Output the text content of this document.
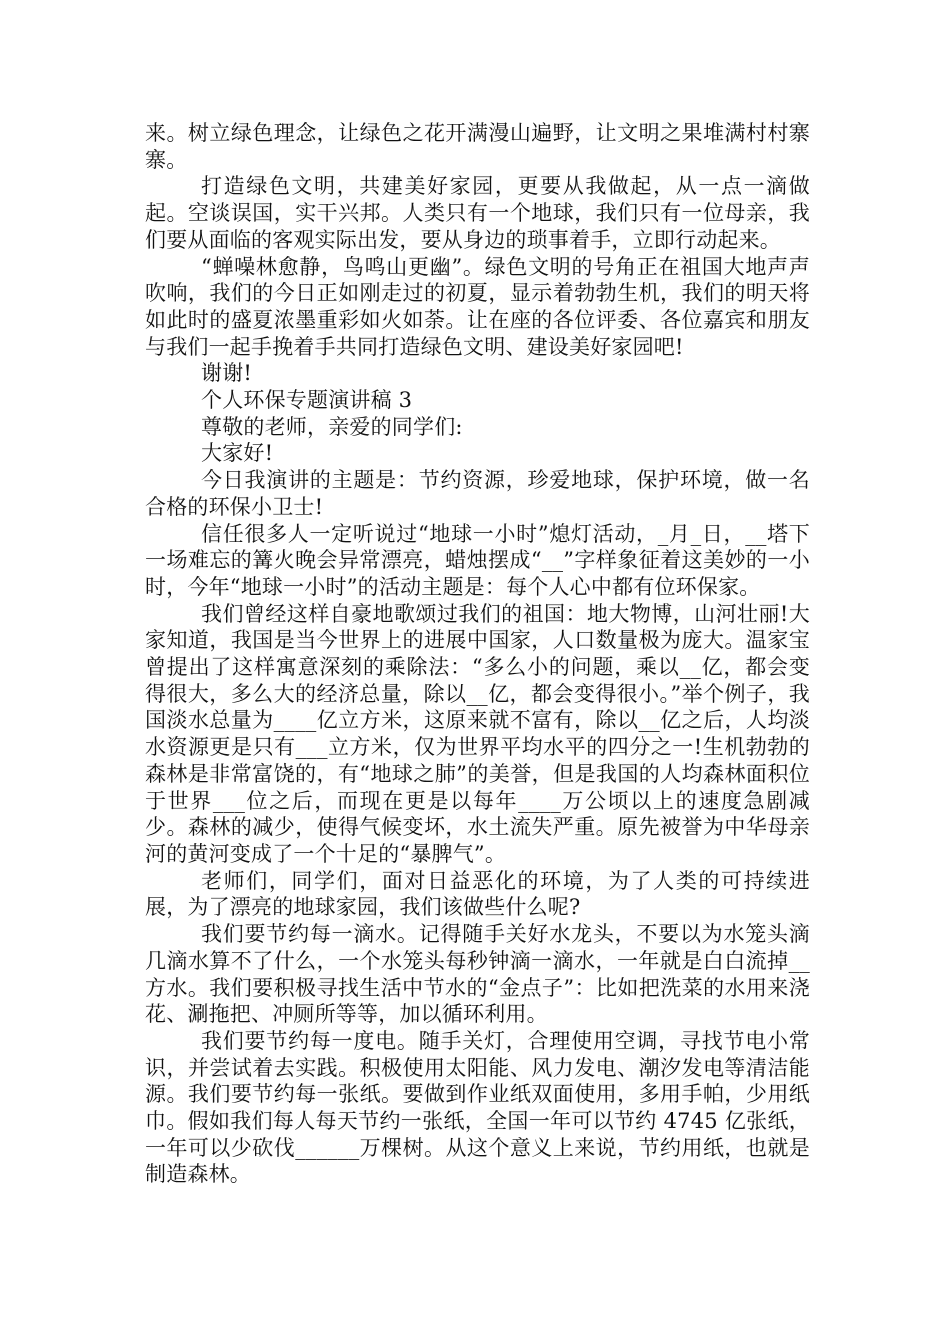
来。树立绿色理念，让绿色之花开满漫山遍野，让文明之果堆满村村寨寨。

打造绿色文明，共建美好家园，更要从我做起，从一点一滴做起。空谈误国，实干兴邦。人类只有一个地球，我们只有一位母亲，我们要从面临的客观实际出发，要从身边的琐事着手，立即行动起来。

“蝉噪林愈静，鸟鸣山更幽”。绿色文明的号角正在祖国大地声声吹响，我们的今日正如刚走过的初夏，显示着勃勃生机，我们的明天将如此时的盛夏浓墨重彩如火如荼。让在座的各位评委、各位嘉宾和朋友与我们一起手挽着手共同打造绿色文明、建设美好家园吧!

谢谢!

个人环保专题演讲稿 3

尊敬的老师，亲爱的同学们:

大家好!

今日我演讲的主题是：节约资源，珍爱地球，保护环境，做一名合格的环保小卫士!

信任很多人一定听说过“地球一小时”熄灯活动，_月_日，__塔下一场难忘的篝火晚会异常漂亮，蜡烛摆成“__”字样象征着这美妙的一小时，今年“地球一小时”的活动主题是：每个人心中都有位环保家。

我们曾经这样自豪地歌颂过我们的祖国：地大物博，山河壮丽!大家知道，我国是当今世界上的进展中国家，人口数量极为庞大。温家宝曾提出了这样寓意深刻的乘除法：“多么小的问题，乘以__亿，都会变得很大，多么大的经济总量，除以__亿，都会变得很小。”举个例子，我国淡水总量为____亿立方米，这原来就不富有，除以__亿之后，人均淡水资源更是只有___立方米，仅为世界平均水平的四分之一!生机勃勃的森林是非常富饶的，有“地球之肺”的美誉，但是我国的人均森林面积位于世界___位之后，而现在更是以每年____万公顷以上的速度急剧减少。森林的减少，使得气候变坏，水土流失严重。原先被誉为中华母亲河的黄河变成了一个十足的“暴脾气”。

老师们，同学们，面对日益恶化的环境，为了人类的可持续进展，为了漂亮的地球家园，我们该做些什么呢?

我们要节约每一滴水。记得随手关好水龙头，不要以为水笼头滴几滴水算不了什么，一个水笼头每秒钟滴一滴水，一年就是白白流掉__方水。我们要积极寻找生活中节水的“金点子”：比如把洗菜的水用来浇花、涮拖把、冲厕所等等，加以循环利用。

我们要节约每一度电。随手关灯，合理使用空调，寻找节电小常识，并尝试着去实践。积极使用太阳能、风力发电、潮汐发电等清洁能源。我们要节约每一张纸。要做到作业纸双面使用，多用手帕，少用纸巾。假如我们每人每天节约一张纸，全国一年可以节约 4745 亿张纸，一年可以少砍伐______万棵树。从这个意义上来说，节约用纸，也就是制造森林。
